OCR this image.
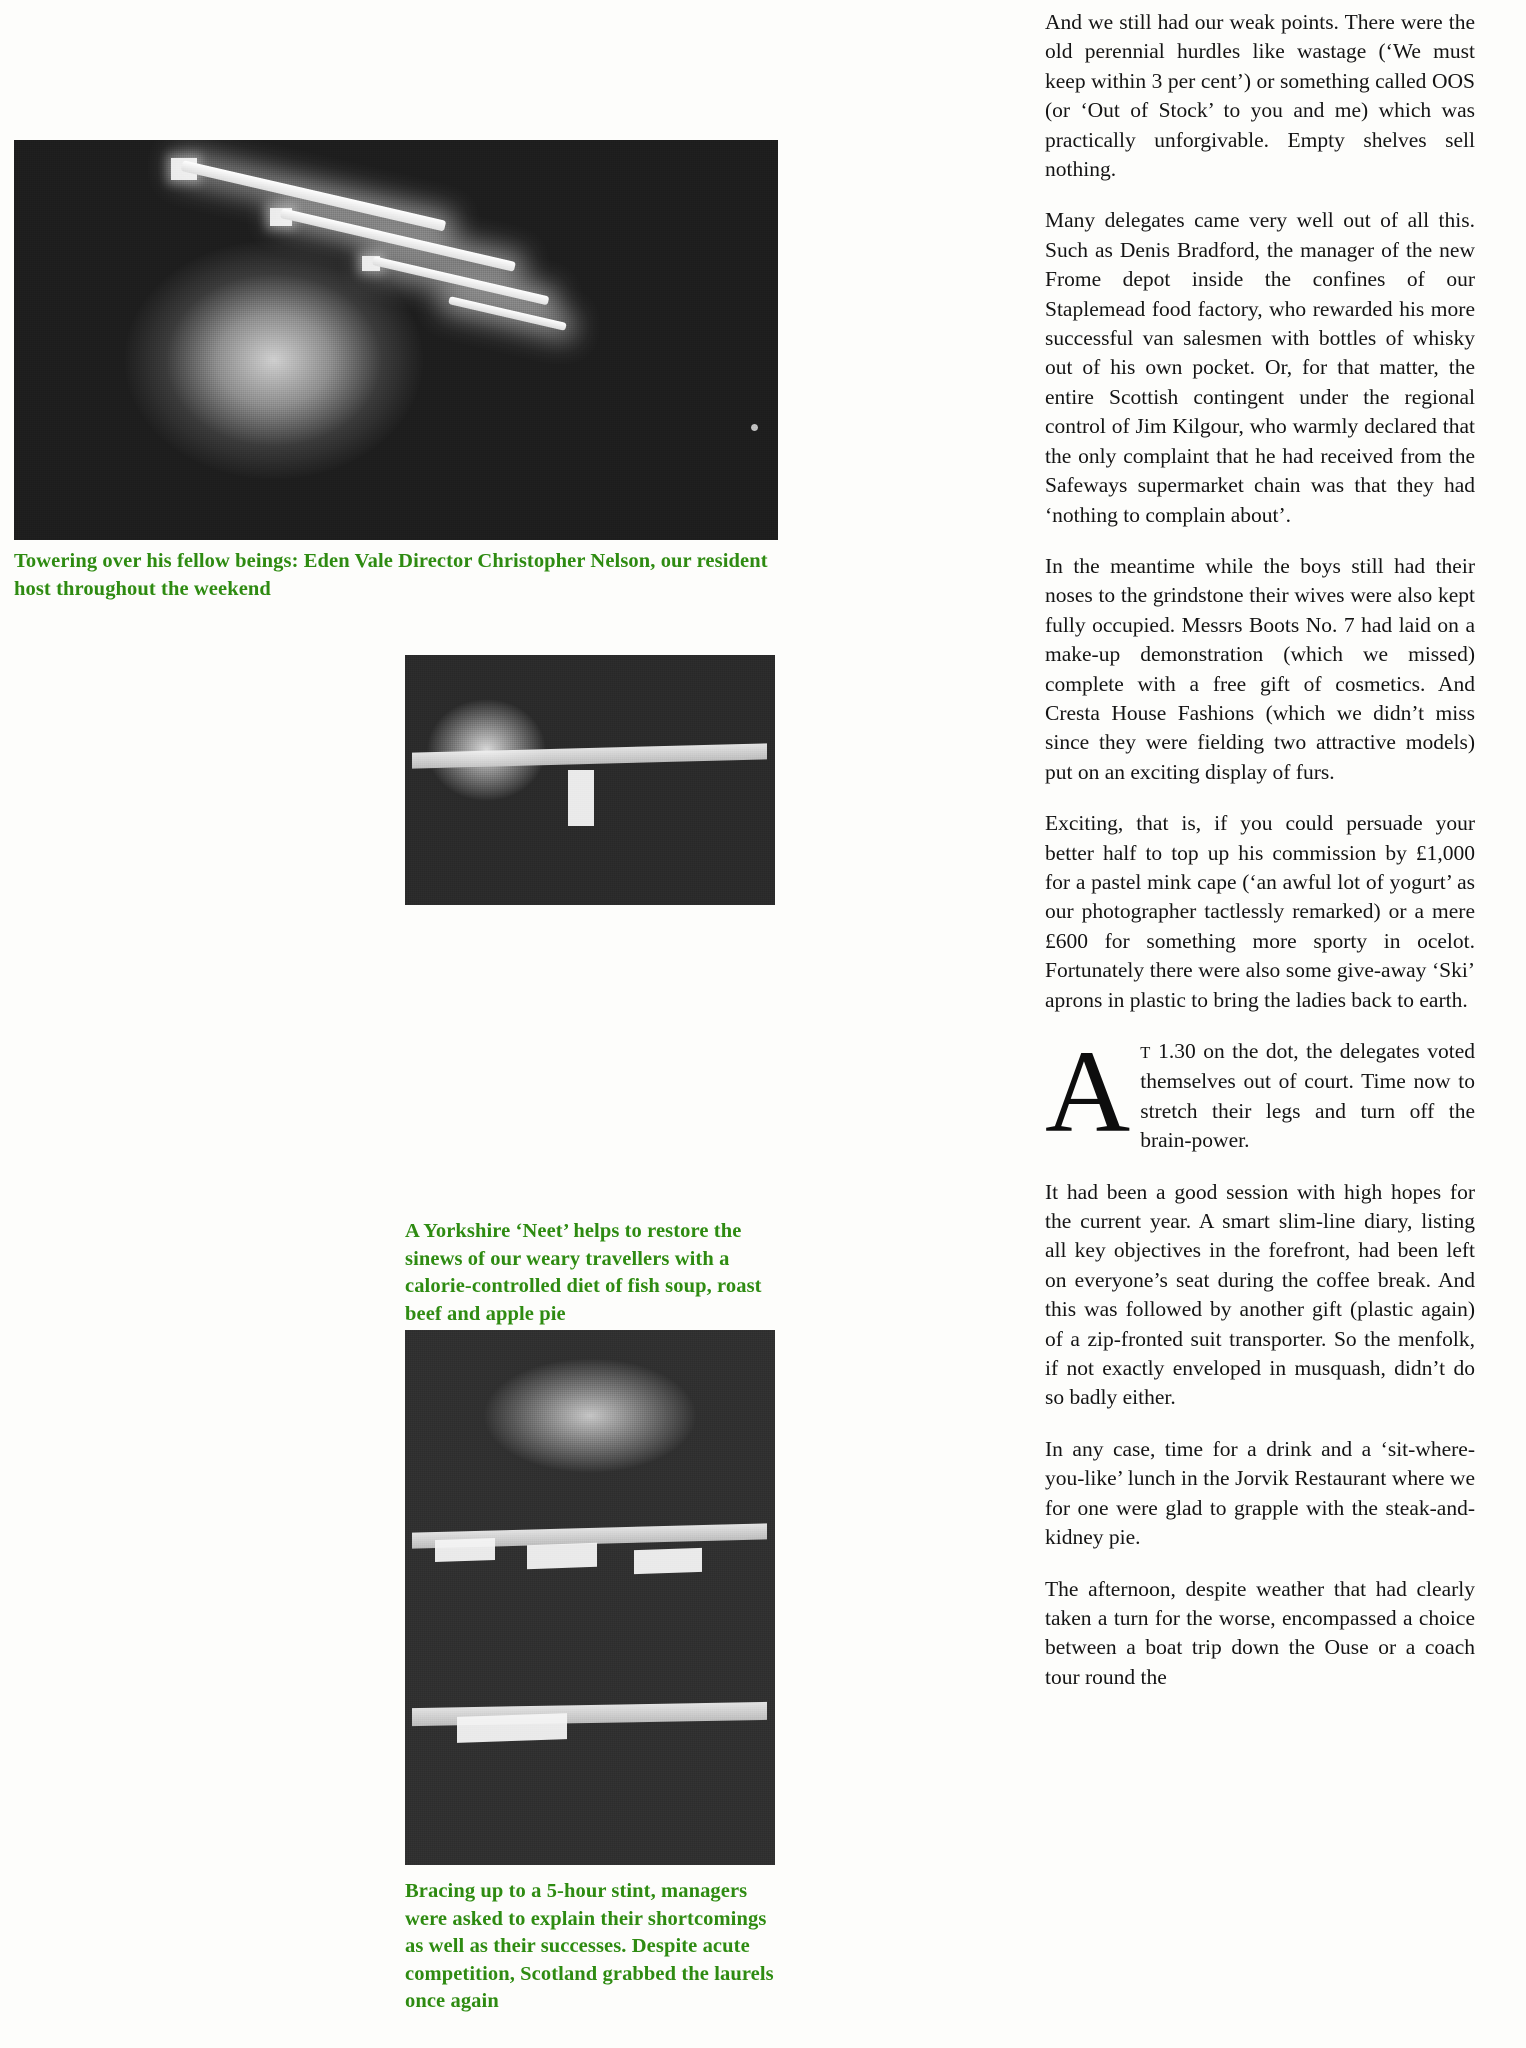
Towering over his fellow beings: Eden Vale Director Christopher Nelson, our resident host throughout the weekend
A Yorkshire ‘Neet’ helps to restore the sinews of our weary travellers with a calorie-controlled diet of fish soup, roast beef and apple pie
Bracing up to a 5-hour stint, managers were asked to explain their shortcomings as well as their successes. Despite acute competition, Scotland grabbed the laurels once again

And we still had our weak points. There were the old perennial hurdles like wastage (‘We must keep within 3 per cent’) or something called OOS (or ‘Out of Stock’ to you and me) which was practically unforgivable. Empty shelves sell nothing.

Many delegates came very well out of all this. Such as Denis Bradford, the manager of the new Frome depot inside the confines of our Staplemead food factory, who rewarded his more successful van salesmen with bottles of whisky out of his own pocket. Or, for that matter, the entire Scottish contingent under the regional control of Jim Kilgour, who warmly declared that the only complaint that he had received from the Safeways supermarket chain was that they had ‘nothing to complain about’.

In the meantime while the boys still had their noses to the grindstone their wives were also kept fully occupied. Messrs Boots No. 7 had laid on a make-up demonstration (which we missed) complete with a free gift of cosmetics. And Cresta House Fashions (which we didn’t miss since they were fielding two attractive models) put on an exciting display of furs.

Exciting, that is, if you could persuade your better half to top up his commission by £1,000 for a pastel mink cape (‘an awful lot of yogurt’ as our photographer tactlessly remarked) or a mere £600 for something more sporty in ocelot. Fortunately there were also some give-away ‘Ski’ aprons in plastic to bring the ladies back to earth.

A T 1.30 on the dot, the delegates voted themselves out of court. Time now to stretch their legs and turn off the brain-power.

It had been a good session with high hopes for the current year. A smart slim-line diary, listing all key objectives in the forefront, had been left on everyone’s seat during the coffee break. And this was followed by another gift (plastic again) of a zip-fronted suit transporter. So the menfolk, if not exactly enveloped in musquash, didn’t do so badly either.

In any case, time for a drink and a ‘sit-where-you-like’ lunch in the Jorvik Restaurant where we for one were glad to grapple with the steak-and-kidney pie.

The afternoon, despite weather that had clearly taken a turn for the worse, encompassed a choice between a boat trip down the Ouse or a coach tour round the
